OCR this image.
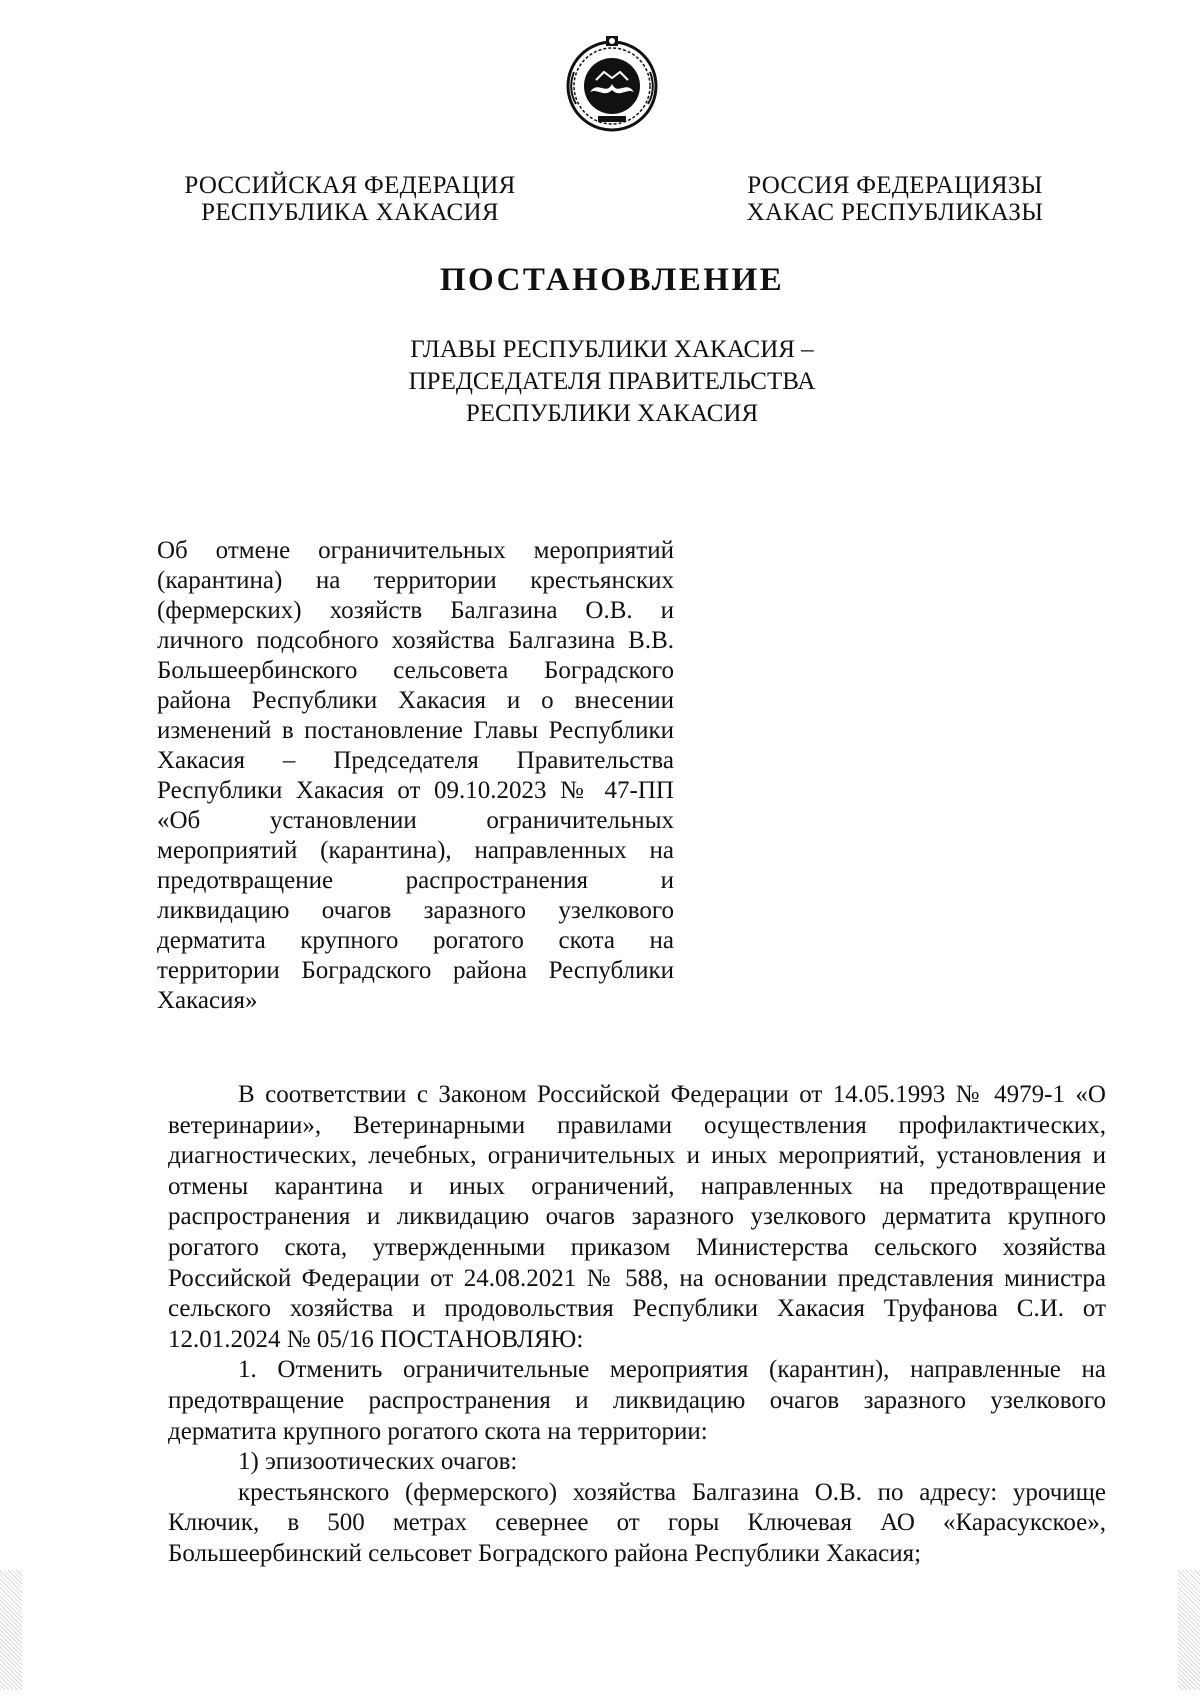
РОССИЙСКАЯ ФЕДЕРАЦИЯ
РЕСПУБЛИКА ХАКАСИЯ
РОССИЯ ФЕДЕРАЦИЯЗЫ
ХАКАС РЕСПУБЛИКАЗЫ
ПОСТАНОВЛЕНИЕ
ГЛАВЫ РЕСПУБЛИКИ ХАКАСИЯ –
ПРЕДСЕДАТЕЛЯ ПРАВИТЕЛЬСТВА
РЕСПУБЛИКИ ХАКАСИЯ
Об отмене ограничительных мероприятий (карантина) на территории крестьянских (фермерских) хозяйств Балгазина О.В. и личного подсобного хозяйства Балгазина В.В. Большеербинского сельсовета Боградского района Республики Хакасия и о внесении изменений в постановление Главы Республики Хакасия – Председателя Правительства Республики Хакасия от 09.10.2023 № 47-ПП «Об установлении ограничительных мероприятий (карантина), направленных на предотвращение распространения и ликвидацию очагов заразного узелкового дерматита крупного рогатого скота на территории Боградского района Республики Хакасия»

В соответствии с Законом Российской Федерации от 14.05.1993 № 4979-1 «О ветеринарии», Ветеринарными правилами осуществления профилактических, диагностических, лечебных, ограничительных и иных мероприятий, установления и отмены карантина и иных ограничений, направленных на предотвращение распространения и ликвидацию очагов заразного узелкового дерматита крупного рогатого скота, утвержденными приказом Министерства сельского хозяйства Российской Федерации от 24.08.2021 № 588, на основании представления министра сельского хозяйства и продовольствия Республики Хакасия Труфанова С.И. от 12.01.2024 № 05/16 ПОСТАНОВЛЯЮ:

1. Отменить ограничительные мероприятия (карантин), направленные на предотвращение распространения и ликвидацию очагов заразного узелкового дерматита крупного рогатого скота на территории:

1) эпизоотических очагов:

крестьянского (фермерского) хозяйства Балгазина О.В. по адресу: урочище Ключик, в 500 метрах севернее от горы Ключевая АО «Карасукское», Большеербинский сельсовет Боградского района Республики Хакасия;
